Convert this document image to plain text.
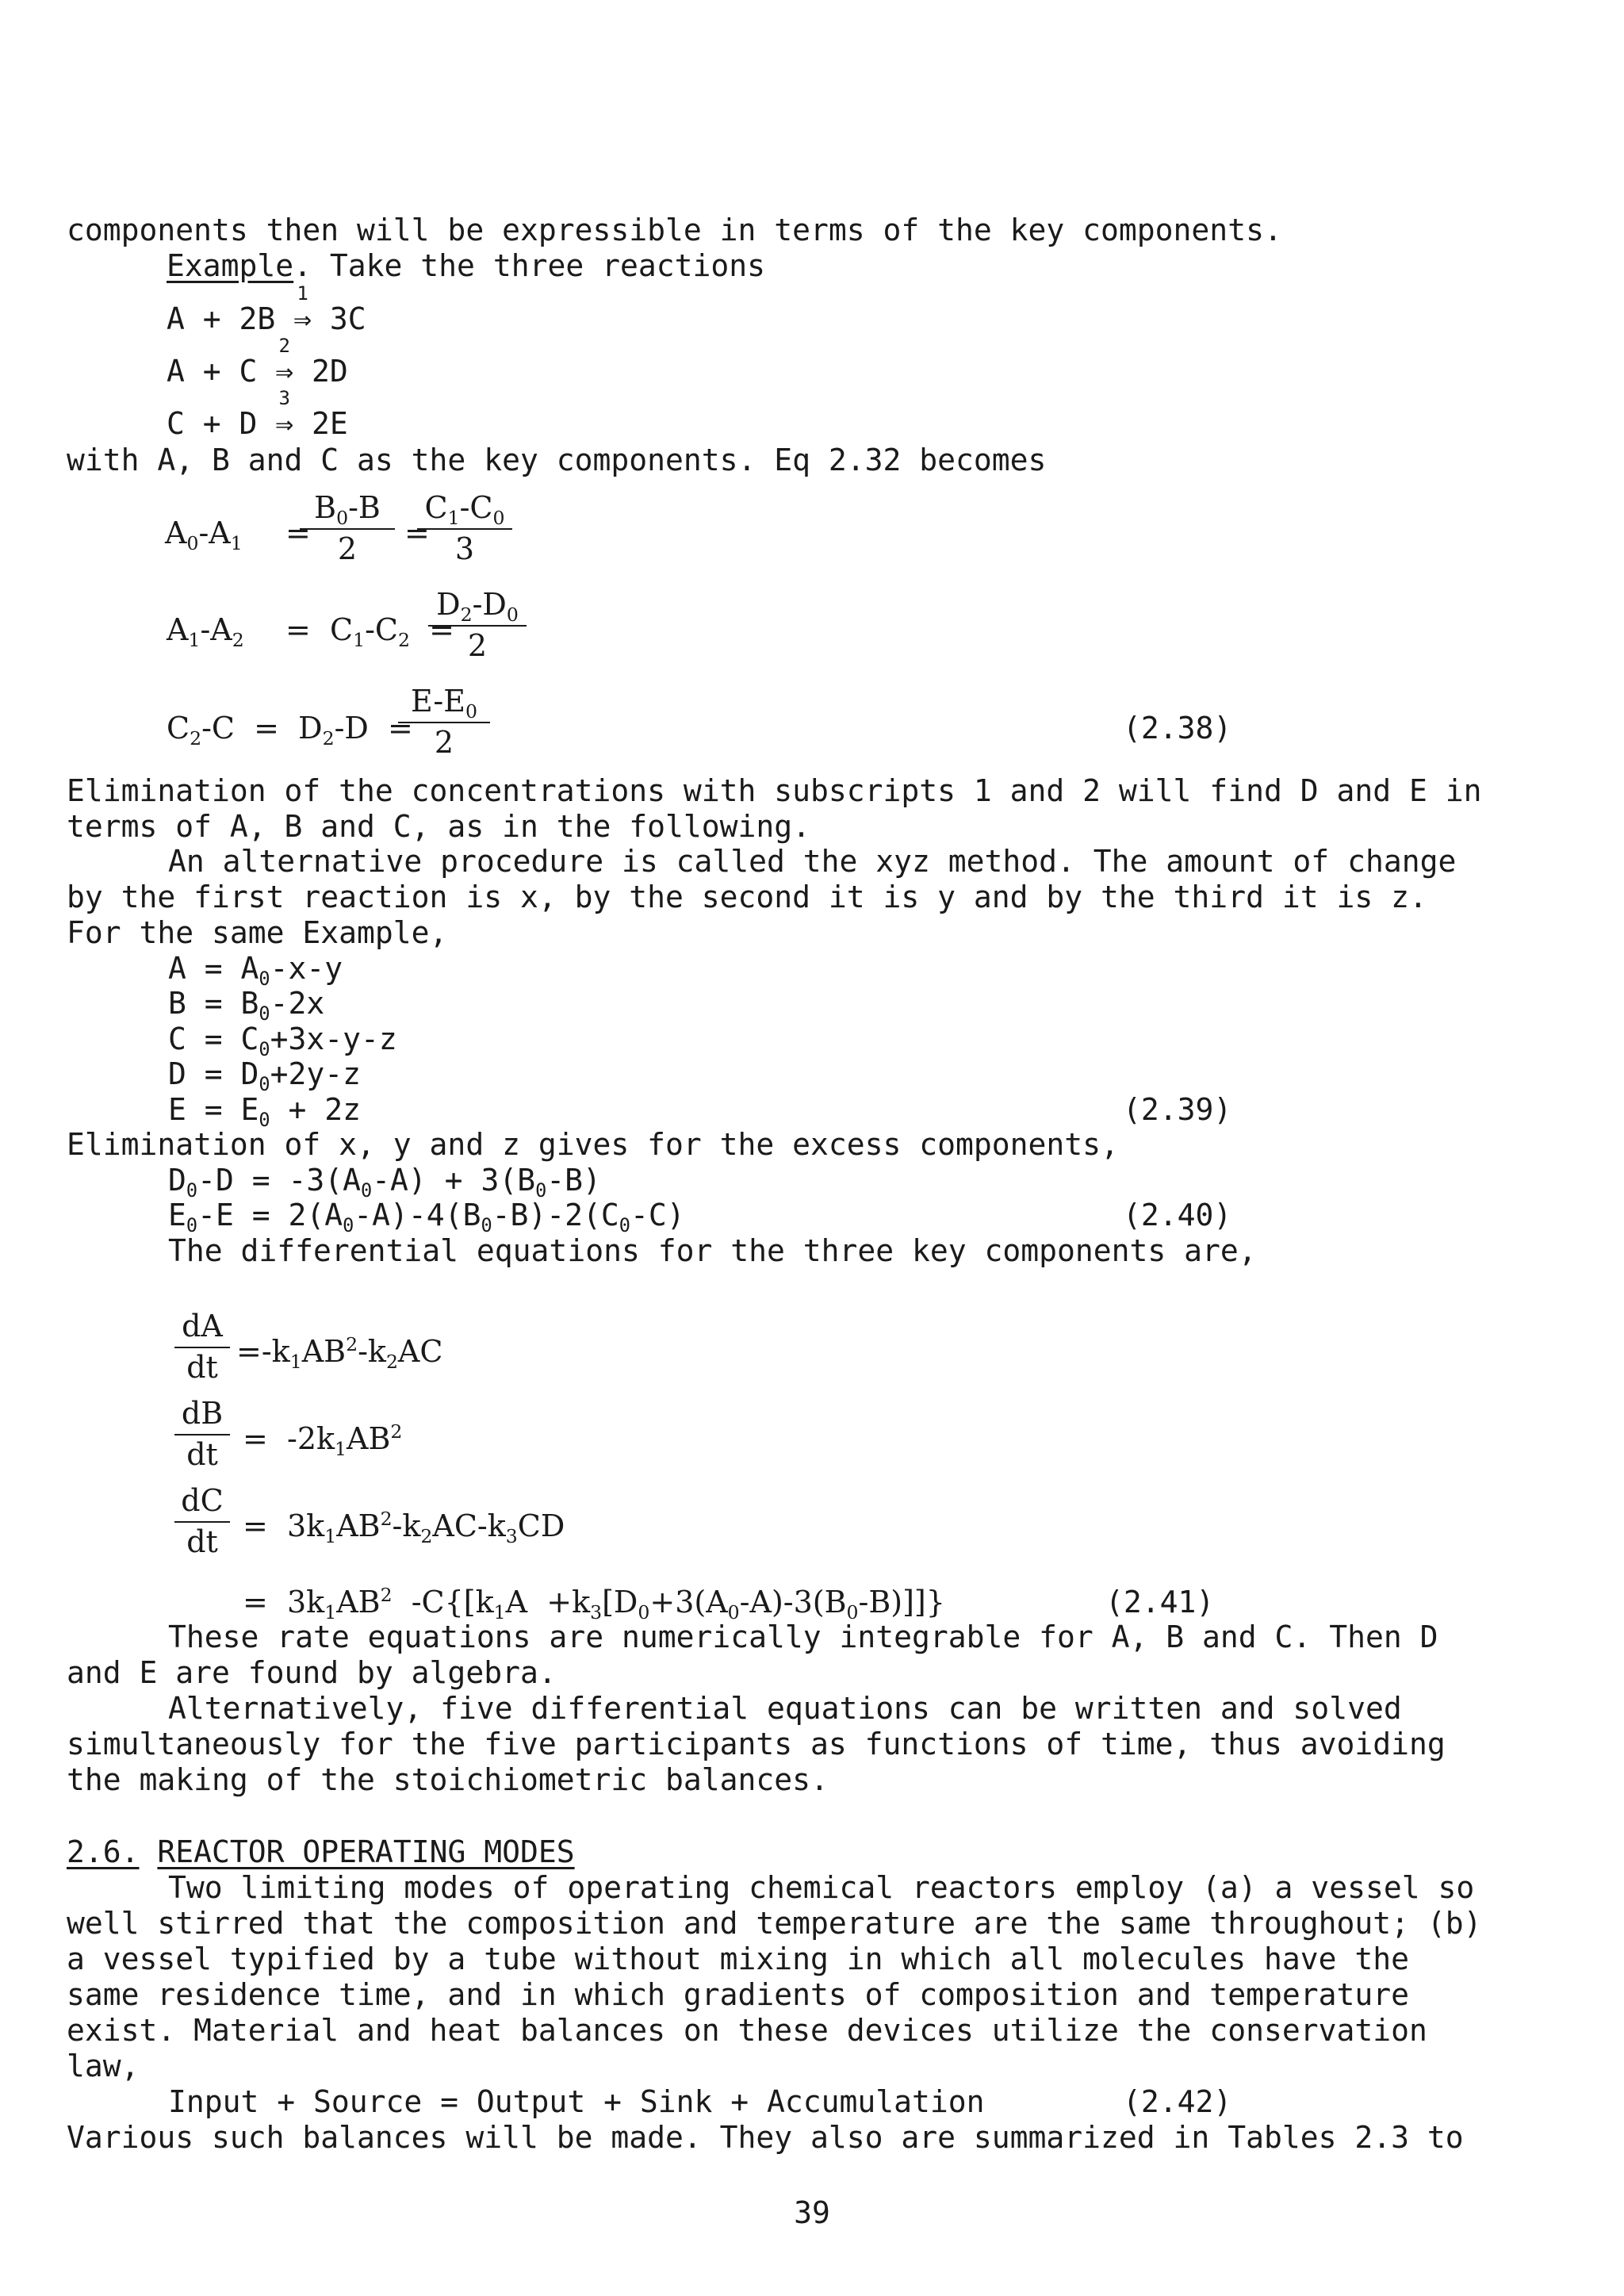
components then will be expressible in terms of the key components.
Example. Take the three reactions
A + 2B
1
⇒ 3C
A + C
2
⇒ 2D
C + D
3
⇒ 2E
with A, B and C as the key components. Eq 2.32 becomes
$A_0-A_1$ =
$\frac{B_0-B}{2}$ =
$\frac{C_1-C_0}{3}$
$A_1-A_2 = C_1-C_2$  =
$\frac{D_2-D_0}{2}$
$C_2-C = D_2-D$  =
$\frac{E-E_0}{2}$	(2.38)
Elimination of the concentrations with subscripts 1 and 2 will find D and E in
terms of A, B and C, as in the following.
An alternative procedure is called the xyz method. The amount of change
by the first reaction is x, by the second it is y and by the third it is z.
For the same Example,
$A = A_0-x-y$
$B = B_0-2x$
$C = C_0+3x-y-z$
$D = D_0+2y-z$
$E = E_0 + 2z$	(2.39)
Elimination of x, y and z gives for the excess components,
$D_0-D = -3(A_0-A) + 3(B_0-B)$
$E_0-E = 2(A_0-A)-4(B_0-B)-2(C_0-C)$	(2.40)
The differential equations for the three key components are,
$\frac{dA}{dt} =-k_1AB^2-k_2AC$
$\frac{dB}{dt} = -2k_1AB^2$
$\frac{dC}{dt} = 3k_1AB^2-k_2AC-k_3CD$
=  $3k_1AB^2$  $-C\{[k_1A +k_3[D_0+3(A_0-A)-3(B_0-B)]]\}$	(2.41)
These rate equations are numerically integrable for A, B and C. Then D
and E are found by algebra.
Alternatively, five differential equations can be written and solved
simultaneously for the five participants as functions of time, thus avoiding
the making of the stoichiometric balances.
2.6. REACTOR OPERATING MODES
Two limiting modes of operating chemical reactors employ (a) a vessel so
well stirred that the composition and temperature are the same throughout; (b)
a vessel typified by a tube without mixing in which all molecules have the
same residence time, and in which gradients of composition and temperature
exist. Material and heat balances on these devices utilize the conservation
law,
Input + Source = Output + Sink + Accumulation	(2.42)
Various such balances will be made. They also are summarized in Tables 2.3 to
39
